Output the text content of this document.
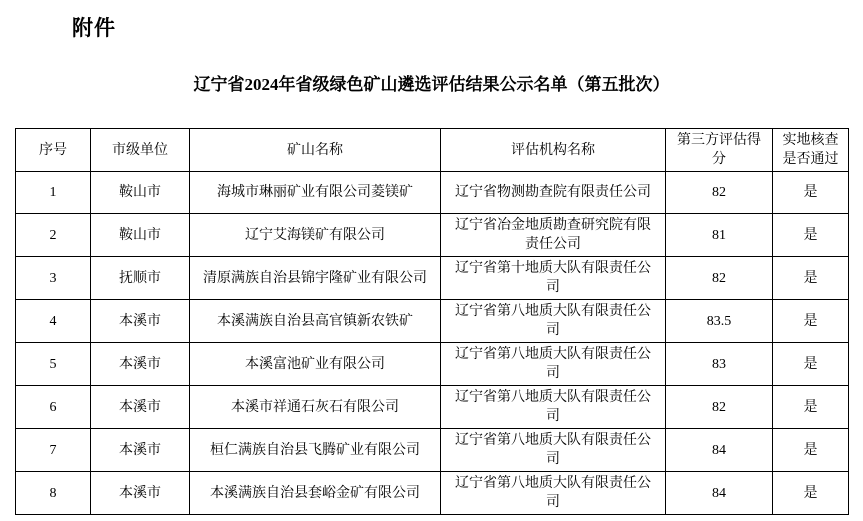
附件
辽宁省2024年省级绿色矿山遴选评估结果公示名单（第五批次）
序号	市级单位	矿山名称	评估机构名称	第三方评估得分	实地核查是否通过
1	鞍山市	海城市琳丽矿业有限公司菱镁矿	辽宁省物测勘查院有限责任公司	82	是
2	鞍山市	辽宁艾海镁矿有限公司	辽宁省冶金地质勘查研究院有限责任公司	81	是
3	抚顺市	清原满族自治县锦宇隆矿业有限公司	辽宁省第十地质大队有限责任公司	82	是
4	本溪市	本溪满族自治县高官镇新农铁矿	辽宁省第八地质大队有限责任公司	83.5	是
5	本溪市	本溪富池矿业有限公司	辽宁省第八地质大队有限责任公司	83	是
6	本溪市	本溪市祥通石灰石有限公司	辽宁省第八地质大队有限责任公司	82	是
7	本溪市	桓仁满族自治县飞腾矿业有限公司	辽宁省第八地质大队有限责任公司	84	是
8	本溪市	本溪满族自治县套峪金矿有限公司	辽宁省第八地质大队有限责任公司	84	是
